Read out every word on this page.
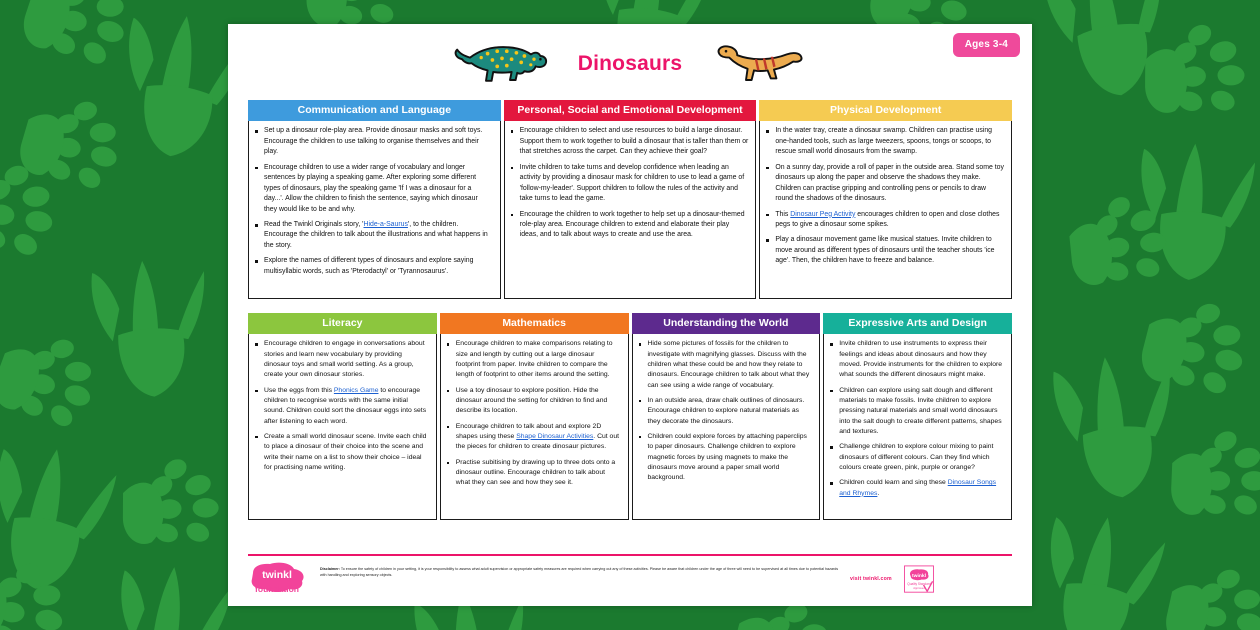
Ages 3-4
Dinosaurs
Communication and Language
Set up a dinosaur role-play area. Provide dinosaur masks and soft toys. Encourage the children to use talking to organise themselves and their play.
Encourage children to use a wider range of vocabulary and longer sentences by playing a speaking game. After exploring some different types of dinosaurs, play the speaking game 'If I was a dinosaur for a day...'. Allow the children to finish the sentence, saying which dinosaur they would like to be and why.
Read the Twinkl Originals story, 'Hide-a-Saurus', to the children. Encourage the children to talk about the illustrations and what happens in the story.
Explore the names of different types of dinosaurs and explore saying multisyllabic words, such as 'Pterodactyl' or 'Tyrannosaurus'.
Personal, Social and Emotional Development
Encourage children to select and use resources to build a large dinosaur. Support them to work together to build a dinosaur that is taller than them or that stretches across the carpet. Can they achieve their goal?
Invite children to take turns and develop confidence when leading an activity by providing a dinosaur mask for children to use to lead a game of 'follow-my-leader'. Support children to follow the rules of the activity and take turns to lead the game.
Encourage the children to work together to help set up a dinosaur-themed role-play area. Encourage children to extend and elaborate their play ideas, and to talk about ways to create and use the area.
Physical Development
In the water tray, create a dinosaur swamp. Children can practise using one-handed tools, such as large tweezers, spoons, tongs or scoops, to rescue small world dinosaurs from the swamp.
On a sunny day, provide a roll of paper in the outside area. Stand some toy dinosaurs up along the paper and observe the shadows they make. Children can practise gripping and controlling pens or pencils to draw round the shadows of the dinosaurs.
This Dinosaur Peg Activity encourages children to open and close clothes pegs to give a dinosaur some spikes.
Play a dinosaur movement game like musical statues. Invite children to move around as different types of dinosaurs until the teacher shouts 'ice age'. Then, the children have to freeze and balance.
Literacy
Encourage children to engage in conversations about stories and learn new vocabulary by providing dinosaur toys and small world setting. As a group, create your own dinosaur stories.
Use the eggs from this Phonics Game to encourage children to recognise words with the same initial sound. Children could sort the dinosaur eggs into sets after listening to each word.
Create a small world dinosaur scene. Invite each child to place a dinosaur of their choice into the scene and write their name on a list to show their choice – ideal for practising name writing.
Mathematics
Encourage children to make comparisons relating to size and length by cutting out a large dinosaur footprint from paper. Invite children to compare the length of footprint to other items around the setting.
Use a toy dinosaur to explore position. Hide the dinosaur around the setting for children to find and describe its location.
Encourage children to talk about and explore 2D shapes using these Shape Dinosaur Activities. Cut out the pieces for children to create dinosaur pictures.
Practise subitising by drawing up to three dots onto a dinosaur outline. Encourage children to talk about what they can see and how they see it.
Understanding the World
Hide some pictures of fossils for the children to investigate with magnifying glasses. Discuss with the children what these could be and how they relate to dinosaurs. Encourage children to talk about what they can see using a wide range of vocabulary.
In an outside area, draw chalk outlines of dinosaurs. Encourage children to explore natural materials as they decorate the dinosaurs.
Children could explore forces by attaching paperclips to paper dinosaurs. Challenge children to explore magnetic forces by using magnets to make the dinosaurs move around a paper small world background.
Expressive Arts and Design
Invite children to use instruments to express their feelings and ideas about dinosaurs and how they moved. Provide instruments for the children to explore what sounds the different dinosaurs might make.
Children can explore using salt dough and different materials to make fossils. Invite children to explore pressing natural materials and small world dinosaurs into the salt dough to create different patterns, shapes and textures.
Challenge children to explore colour mixing to paint dinosaurs of different colours. Can they find which colours create green, pink, purple or orange?
Children could learn and sing these Dinosaur Songs and Rhymes.
twinkl
foundation
Disclaimer: To ensure the safety of children in your setting, it is your responsibility to assess what adult supervision or appropriate safety measures are required when carrying out any of these activities. Please be aware that children under the age of three will need to be supervised at all times due to potential hazards with handling and exploring sensory objects.
visit twinkl.com
twinkl
Quality Standard
Approved
